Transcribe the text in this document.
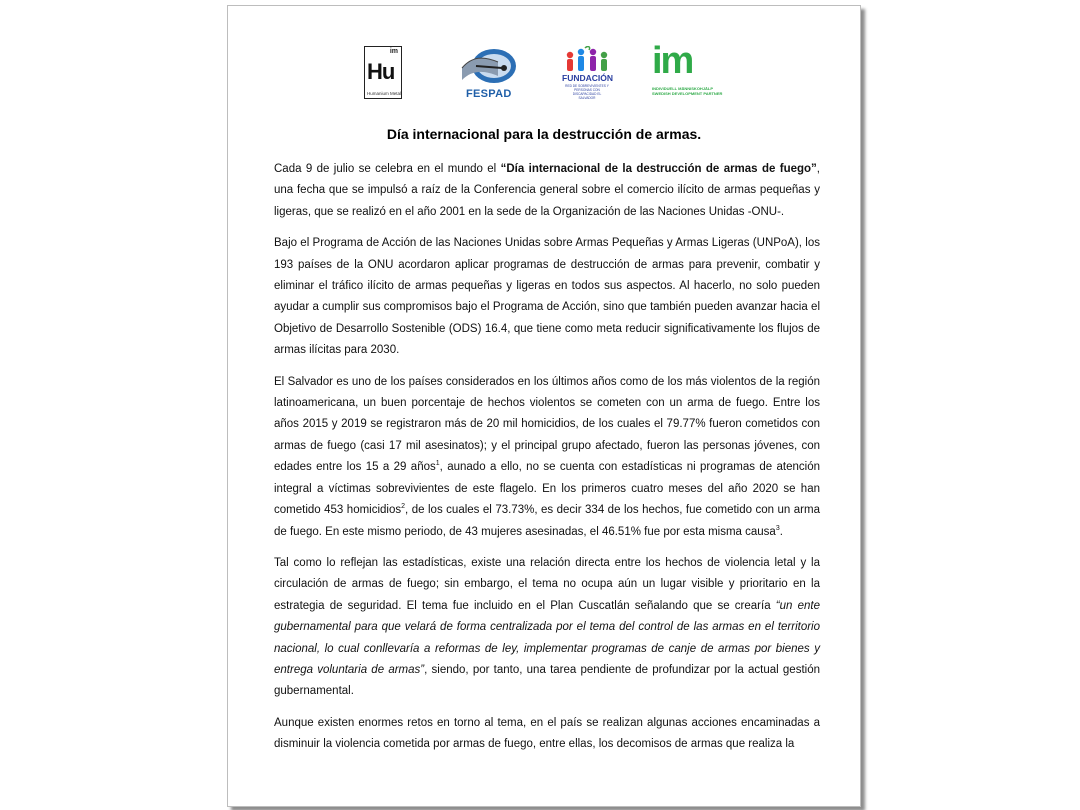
im
Hu
Humanium Metal	FESPAD
FUNDACIÓN
RED DE SOBREVIVIENTES Y PERSONAS CON DISCAPACIDAD EL SALVADOR
im
INDIVIDUELL MÄNNISKOHJÄLP
SWEDISH DEVELOPMENT PARTNER
Día internacional para la destrucción de armas.

Cada 9 de julio se celebra en el mundo el “Día internacional de la destrucción de armas de fuego”, una fecha que se impulsó a raíz de la Conferencia general sobre el comercio ilícito de armas pequeñas y ligeras, que se realizó en el año 2001 en la sede de la Organización de las Naciones Unidas -ONU-.

Bajo el Programa de Acción de las Naciones Unidas sobre Armas Pequeñas y Armas Ligeras (UNPoA), los 193 países de la ONU acordaron aplicar programas de destrucción de armas para prevenir, combatir y eliminar el tráfico ilícito de armas pequeñas y ligeras en todos sus aspectos. Al hacerlo, no solo pueden ayudar a cumplir sus compromisos bajo el Programa de Acción, sino que también pueden avanzar hacia el Objetivo de Desarrollo Sostenible (ODS) 16.4, que tiene como meta reducir significativamente los flujos de armas ilícitas para 2030.

El Salvador es uno de los países considerados en los últimos años como de los más violentos de la región latinoamericana, un buen porcentaje de hechos violentos se cometen con un arma de fuego. Entre los años 2015 y 2019 se registraron más de 20 mil homicidios, de los cuales el 79.77% fueron cometidos con armas de fuego (casi 17 mil asesinatos); y el principal grupo afectado, fueron las personas jóvenes, con edades entre los 15 a 29 años$^1$, aunado a ello, no se cuenta con estadísticas ni programas de atención integral a víctimas sobrevivientes de este flagelo. En los primeros cuatro meses del año 2020 se han cometido 453 homicidios$^2$, de los cuales el 73.73%, es decir 334 de los hechos, fue cometido con un arma de fuego. En este mismo periodo, de 43 mujeres asesinadas, el 46.51% fue por esta misma causa$^3$.

Tal como lo reflejan las estadísticas, existe una relación directa entre los hechos de violencia letal y la circulación de armas de fuego; sin embargo, el tema no ocupa aún un lugar visible y prioritario en la estrategia de seguridad. El tema fue incluido en el Plan Cuscatlán señalando que se crearía “un ente gubernamental para que velará de forma centralizada por el tema del control de las armas en el territorio nacional, lo cual conllevaría a reformas de ley, implementar programas de canje de armas por bienes y entrega voluntaria de armas”, siendo, por tanto, una tarea pendiente de profundizar por la actual gestión gubernamental.

Aunque existen enormes retos en torno al tema, en el país se realizan algunas acciones encaminadas a disminuir la violencia cometida por armas de fuego, entre ellas, los decomisos de armas que realiza la
